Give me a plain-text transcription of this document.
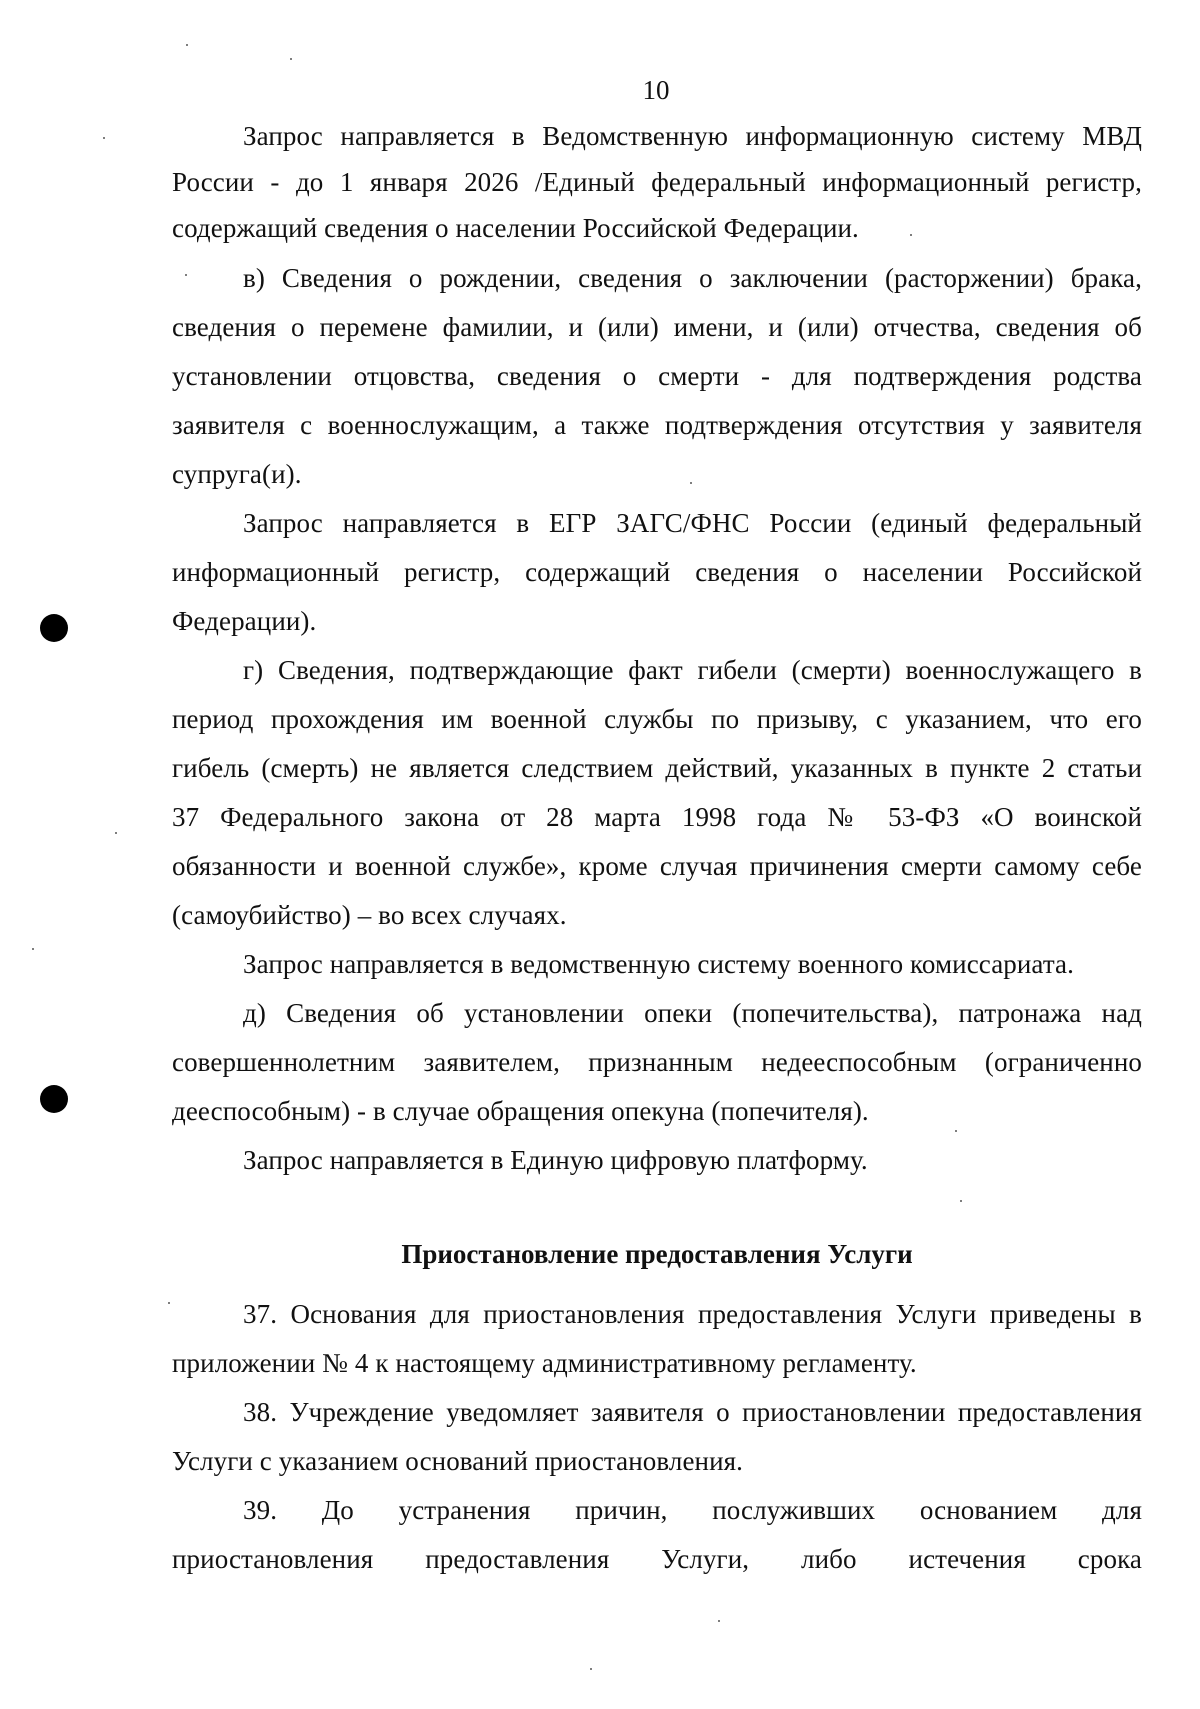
10
Запрос направляется в Ведомственную информационную систему МВД
России - до 1 января 2026 /Единый федеральный информационный регистр,
содержащий сведения о населении Российской Федерации.
в) Сведения о рождении, сведения о заключении (расторжении) брака,
сведения о перемене фамилии, и (или) имени, и (или) отчества, сведения об
установлении отцовства, сведения о смерти - для подтверждения родства
заявителя с военнослужащим, а также подтверждения отсутствия у заявителя
супруга(и).
Запрос направляется в ЕГР ЗАГС/ФНС России (единый федеральный
информационный регистр, содержащий сведения о населении Российской
Федерации).
г) Сведения, подтверждающие факт гибели (смерти) военнослужащего в
период прохождения им военной службы по призыву, с указанием, что его
гибель (смерть) не является следствием действий, указанных в пункте 2 статьи
37 Федерального закона от 28 марта 1998 года № 53-ФЗ «О воинской
обязанности и военной службе», кроме случая причинения смерти самому себе
(самоубийство) – во всех случаях.
Запрос направляется в ведомственную систему военного комиссариата.
д) Сведения об установлении опеки (попечительства), патронажа над
совершеннолетним заявителем, признанным недееспособным (ограниченно
дееспособным) - в случае обращения опекуна (попечителя).
Запрос направляется в Единую цифровую платформу.
Приостановление предоставления Услуги
37. Основания для приостановления предоставления Услуги приведены в
приложении № 4 к настоящему административному регламенту.
38. Учреждение уведомляет заявителя о приостановлении предоставления
Услуги с указанием оснований приостановления.
39. До устранения причин, послуживших основанием для
приостановления предоставления Услуги, либо истечения срока
